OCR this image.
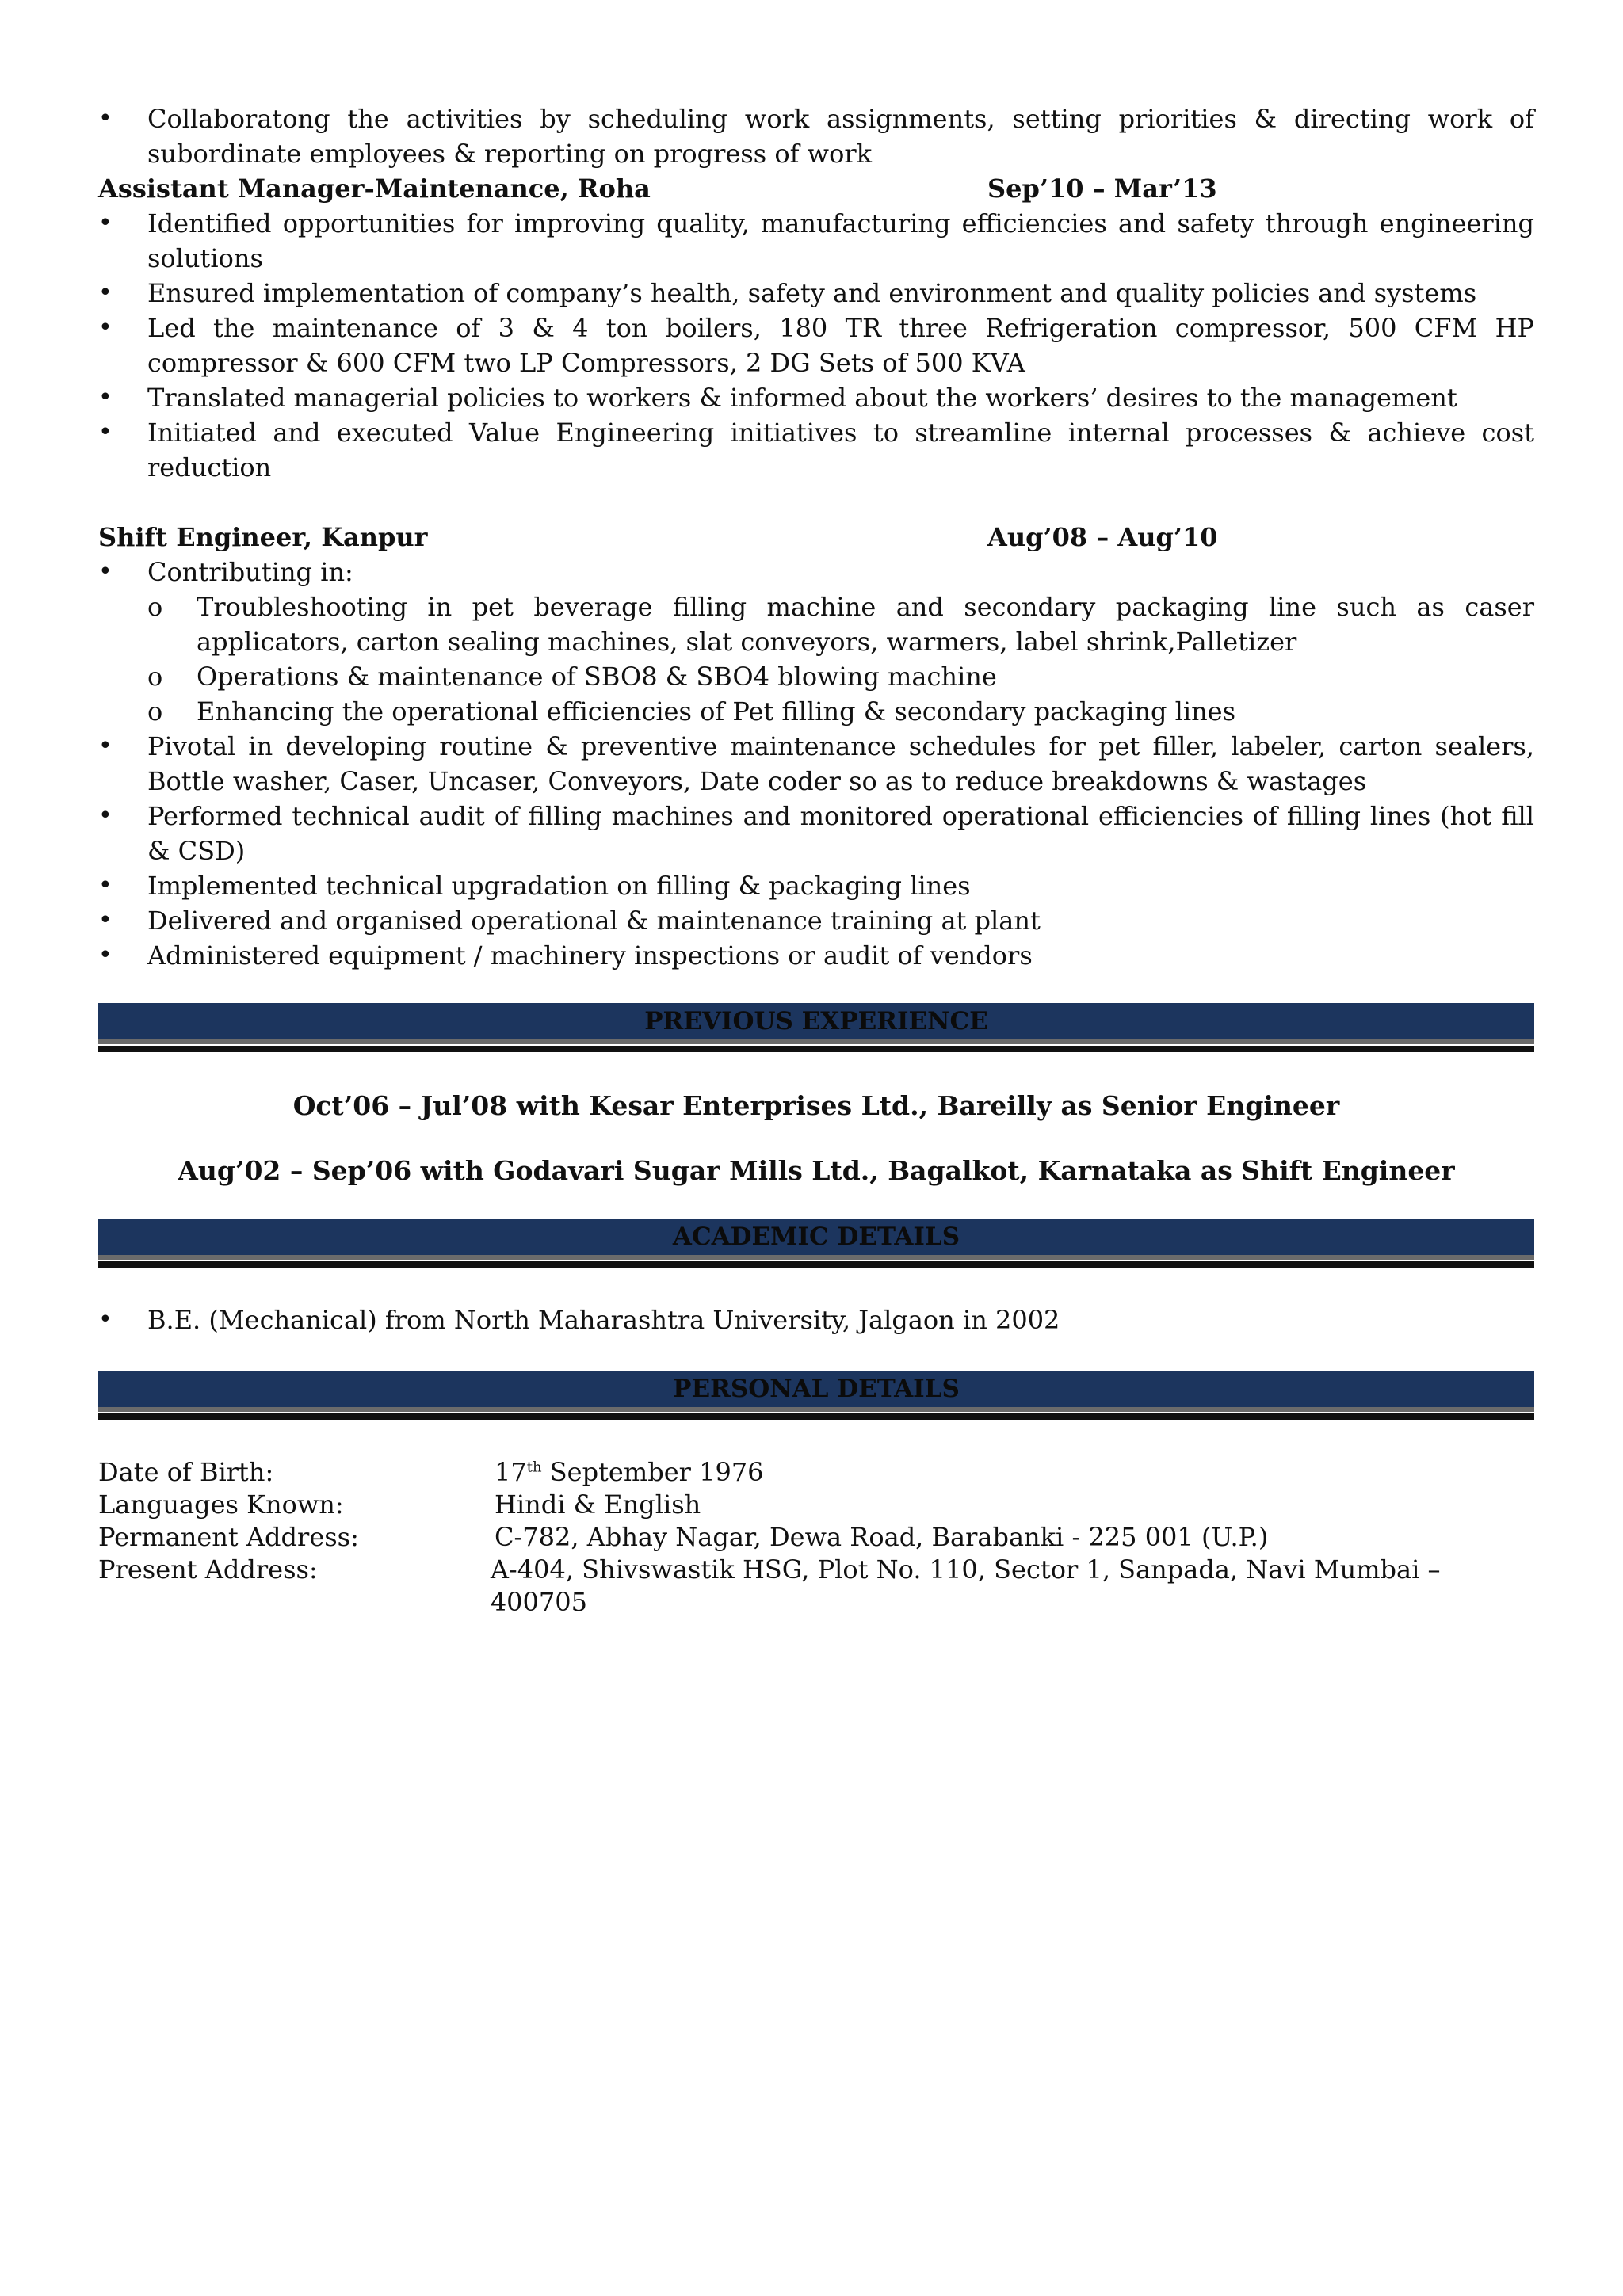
• Collaboratong the activities by scheduling work assignments, setting priorities & directing work of subordinate employees & reporting on progress of work
Assistant Manager-Maintenance, Roha	Sep’10 – Mar’13
• Identified opportunities for improving quality, manufacturing efficiencies and safety through engineering solutions
• Ensured implementation of company’s health, safety and environment and quality policies and systems
• Led the maintenance of 3 & 4 ton boilers, 180 TR three Refrigeration compressor, 500 CFM HP compressor & 600 CFM two LP Compressors, 2 DG Sets of 500 KVA
• Translated managerial policies to workers & informed about the workers’ desires to the management
• Initiated and executed Value Engineering initiatives to streamline internal processes & achieve cost reduction
Shift Engineer, Kanpur	Aug’08 – Aug’10
• Contributing in:
o Troubleshooting in pet beverage filling machine and secondary packaging line such as caser applicators, carton sealing machines, slat conveyors, warmers, label shrink,Palletizer
o Operations & maintenance of SBO8 & SBO4 blowing machine
o Enhancing the operational efficiencies of Pet filling & secondary packaging lines
• Pivotal in developing routine & preventive maintenance schedules for pet filler, labeler, carton sealers, Bottle washer, Caser, Uncaser, Conveyors, Date coder so as to reduce breakdowns & wastages
• Performed technical audit of filling machines and monitored operational efficiencies of filling lines (hot fill & CSD)
• Implemented technical upgradation on filling & packaging lines
• Delivered and organised operational & maintenance training at plant
• Administered equipment / machinery inspections or audit of vendors
PREVIOUS EXPERIENCE
Oct’06 – Jul’08 with Kesar Enterprises Ltd., Bareilly as Senior Engineer
Aug’02 – Sep’06 with Godavari Sugar Mills Ltd., Bagalkot, Karnataka as Shift Engineer
ACADEMIC DETAILS
• B.E. (Mechanical) from North Maharashtra University, Jalgaon in 2002
PERSONAL DETAILS
Date of Birth:	17th September 1976
Languages Known:	Hindi & English
Permanent Address:	C-782, Abhay Nagar, Dewa Road, Barabanki - 225 001 (U.P.)
Present Address:	A-404, Shivswastik HSG, Plot No. 110, Sector 1, Sanpada, Navi Mumbai – 400705
